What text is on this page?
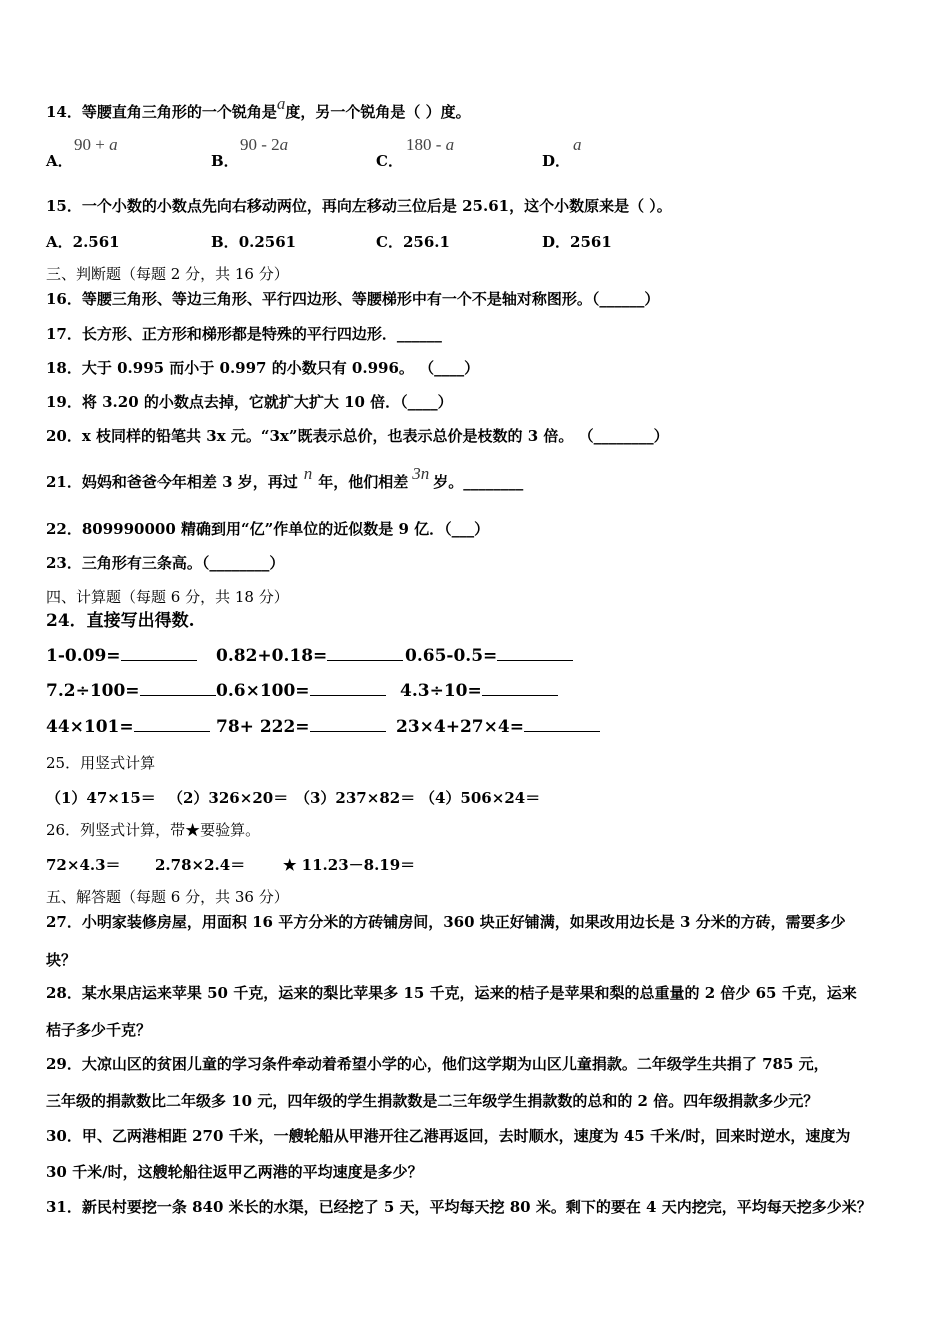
14．等腰直角三角形的一个锐角是a度，另一个锐角是（ ）度。
A．
90 + a
B．
90 - 2a
C．
180 - a
D．
a
15．一个小数的小数点先向右移动两位，再向左移动三位后是 25.61，这个小数原来是（ ）。
A．2.561	B．0.2561	C．256.1	D．2561
三、判断题（每题 2 分，共 16 分）
16．等腰三角形、等边三角形、平行四边形、等腰梯形中有一个不是轴对称图形。（______）
17．长方形、正方形和梯形都是特殊的平行四边形．______
18．大于 0.995 而小于 0.997 的小数只有 0.996。 （____）
19．将 3.20 的小数点去掉，它就扩大扩大 10 倍．（____）
20．x 枝同样的铅笔共 3x 元。“3x”既表示总价，也表示总价是枝数的 3 倍。 （________）
21．妈妈和爸爸今年相差 3 岁，再过 n 年，他们相差 3n 岁。________
22．809990000 精确到用“亿”作单位的近似数是 9 亿．（___）
23．三角形有三条高。（________）
四、计算题（每题 6 分，共 18 分）
24．直接写出得数.
1-0.09=	0.82+0.18=	0.65-0.5=
7.2÷100=	0.6×100=	4.3÷10=
44×101=	78+ 222=	23×4+27×4=
25．用竖式计算
（1）47×15＝ （2）326×20＝ （3）237×82＝ （4）506×24＝
26．列竖式计算，带★要验算。
72×4.3＝ 2.78×2.4＝	★ 11.23－8.19＝
五、解答题（每题 6 分，共 36 分）
27．小明家装修房屋，用面积 16 平方分米的方砖铺房间，360 块正好铺满，如果改用边长是 3 分米的方砖，需要多少
块？
28．某水果店运来苹果 50 千克，运来的梨比苹果多 15 千克，运来的桔子是苹果和梨的总重量的 2 倍少 65 千克，运来
桔子多少千克？
29．大凉山区的贫困儿童的学习条件牵动着希望小学的心，他们这学期为山区儿童捐款。二年级学生共捐了 785 元，
三年级的捐款数比二年级多 10 元，四年级的学生捐款数是二三年级学生捐款数的总和的 2 倍。四年级捐款多少元？
30．甲、乙两港相距 270 千米，一艘轮船从甲港开往乙港再返回，去时顺水，速度为 45 千米/时，回来时逆水，速度为
30 千米/时，这艘轮船往返甲乙两港的平均速度是多少？
31．新民村要挖一条 840 米长的水渠，已经挖了 5 天，平均每天挖 80 米。剩下的要在 4 天内挖完，平均每天挖多少米？
